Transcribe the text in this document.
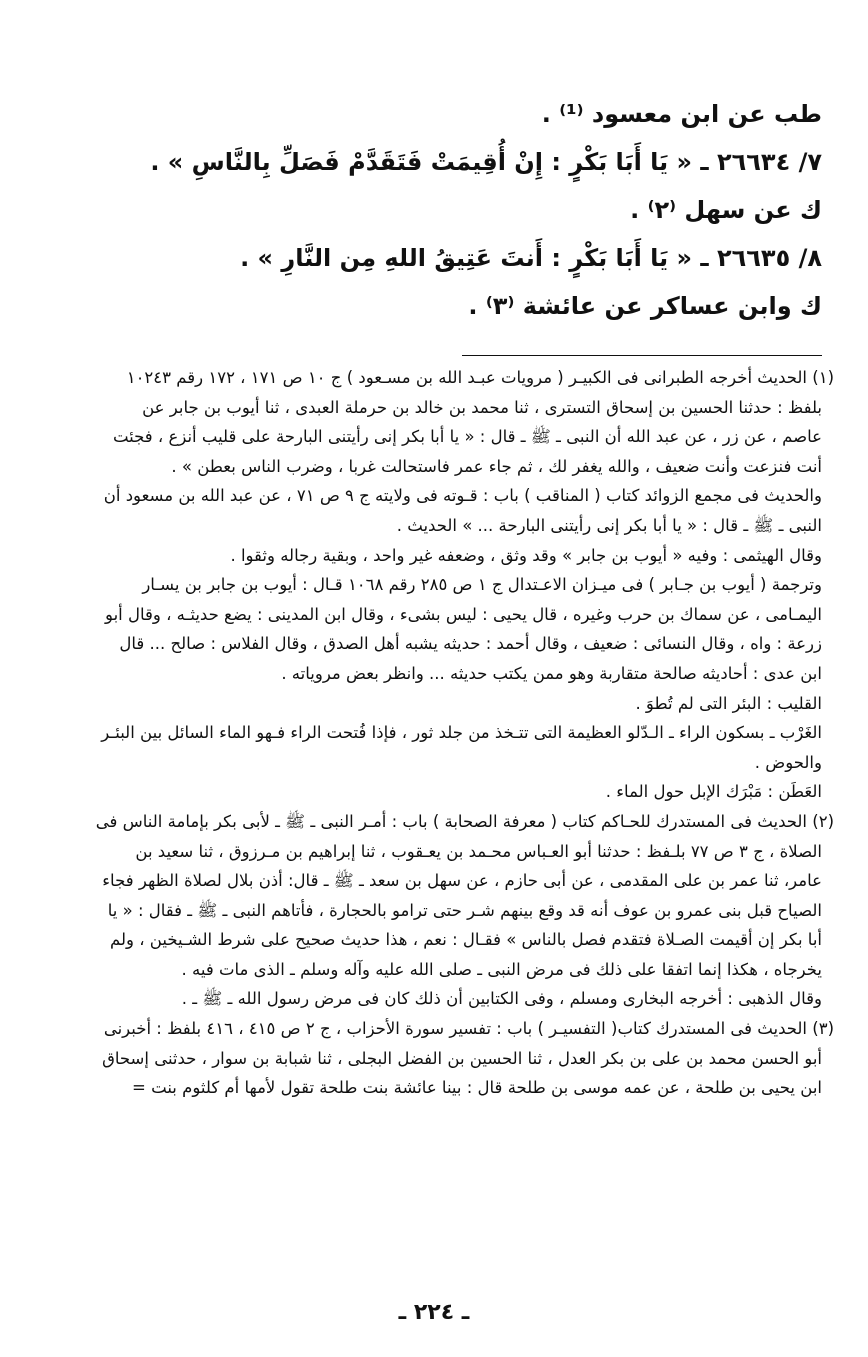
طب عن ابن معسود ⁽¹⁾ .
٧/ ٢٦٦٣٤ ـ « يَا أَبَا بَكْرٍ : إِنْ أُقِيمَتْ فَتَقَدَّمْ فَصَلِّ بِالنَّاسِ » .
ك عن سهل ⁽٢⁾ .
٨/ ٢٦٦٣٥ ـ « يَا أَبَا بَكْرٍ : أَنتَ عَتِيقُ اللهِ مِن النَّارِ » .
ك وابن عساكر عن عائشة ⁽٣⁾ .
(١) الحديث أخرجه الطبرانى فى الكبيـر ( مرويات عبـد الله بن مسـعود ) ج ١٠ ص ١٧١ ، ١٧٢ رقم ١٠٢٤٣
بلفظ : حدثنا الحسين بن إسحاق التسترى ، ثنا محمد بن خالد بن حرملة العبدى ، ثنا أيوب بن جابر عن
عاصم ، عن زر ، عن عبد الله أن النبى ـ ﷺ ـ قال : « يا أبا بكر إنى رأيتنى البارحة على قليب أنزع ، فجئت
أنت فنزعت وأنت ضعيف ، والله يغفر لك ، ثم جاء عمر فاستحالت غربا ، وضرب الناس بعطن » .
والحديث فى مجمع الزوائد كتاب ( المناقب ) باب : قـوته فى ولايته ج ٩ ص ٧١ ، عن عبد الله بن مسعود أن
النبى ـ ﷺ ـ قال : « يا أبا بكر إنى رأيتنى البارحة ... » الحديث .
وقال الهيثمى : وفيه « أيوب بن جابر » وقد وثق ، وضعفه غير واحد ، وبقية رجاله وثقوا .
وترجمة ( أيوب بن جـابر ) فى ميـزان الاعـتدال ج ١ ص ٢٨٥ رقم ١٠٦٨ قـال : أيوب بن جابر بن يسـار
اليمـامى ، عن سماك بن حرب وغيره ، قال يحيى : ليس بشىء ، وقال ابن المدينى : يضع حديثـه ، وقال أبو
زرعة : واه ، وقال النسائى : ضعيف ، وقال أحمد : حديثه يشبه أهل الصدق ، وقال الفلاس : صالح ... قال
ابن عدى : أحاديثه صالحة متقاربة وهو ممن يكتب حديثه ... وانظر بعض مروياته .
القليب : البئر التى لم تُطوَ .
الغَرْب ـ بسكون الراء ـ الـدّلو العظيمة التى تتـخذ من جلد ثور ، فإذا فُتحت الراء فـهو الماء السائل بين البئـر
والحوض .
العَطَن : مَبْرَك الإبل حول الماء .
(٢) الحديث فى المستدرك للحـاكم كتاب ( معرفة الصحابة ) باب : أمـر النبى ـ ﷺ ـ لأبى بكر بإمامة الناس فى
الصلاة ، ج ٣ ص ٧٧ بلـفظ : حدثنا أبو العـباس محـمد بن يعـقوب ، ثنا إبراهيم بن مـرزوق ، ثنا سعيد بن
عامر، ثنا عمر بن على المقدمى ، عن أبى حازم ، عن سهل بن سعد ـ ﷺ ـ قال: أذن بلال لصلاة الظهر فجاء
الصياح قبل بنى عمرو بن عوف أنه قد وقع بينهم شـر حتى ترامو بالحجارة ، فأتاهم النبى ـ ﷺ ـ فقال : « يا
أبا بكر إن أقيمت الصـلاة فتقدم فصل بالناس » فقـال : نعم ، هذا حديث صحيح على شرط الشـيخين ، ولم
يخرجاه ، هكذا إنما اتفقا على ذلك فى مرض النبى ـ صلى الله عليه وآله وسلم ـ الذى مات فيه .
وقال الذهبى : أخرجه البخارى ومسلم ، وفى الكتابين أن ذلك كان فى مرض رسول الله ـ ﷺ ـ .
(٣) الحديث فى المستدرك كتاب( التفسيـر ) باب : تفسير سورة الأحزاب ، ج ٢ ص ٤١٥ ، ٤١٦ بلفظ : أخبرنى
أبو الحسن محمد بن على بن بكر العدل ، ثنا الحسين بن الفضل البجلى ، ثنا شبابة بن سوار ، حدثنى إسحاق
ابن يحيى بن طلحة ، عن عمه موسى بن طلحة قال : بينا عائشة بنت طلحة تقول لأمها أم كلثوم بنت =
ـ ٢٢٤ ـ
